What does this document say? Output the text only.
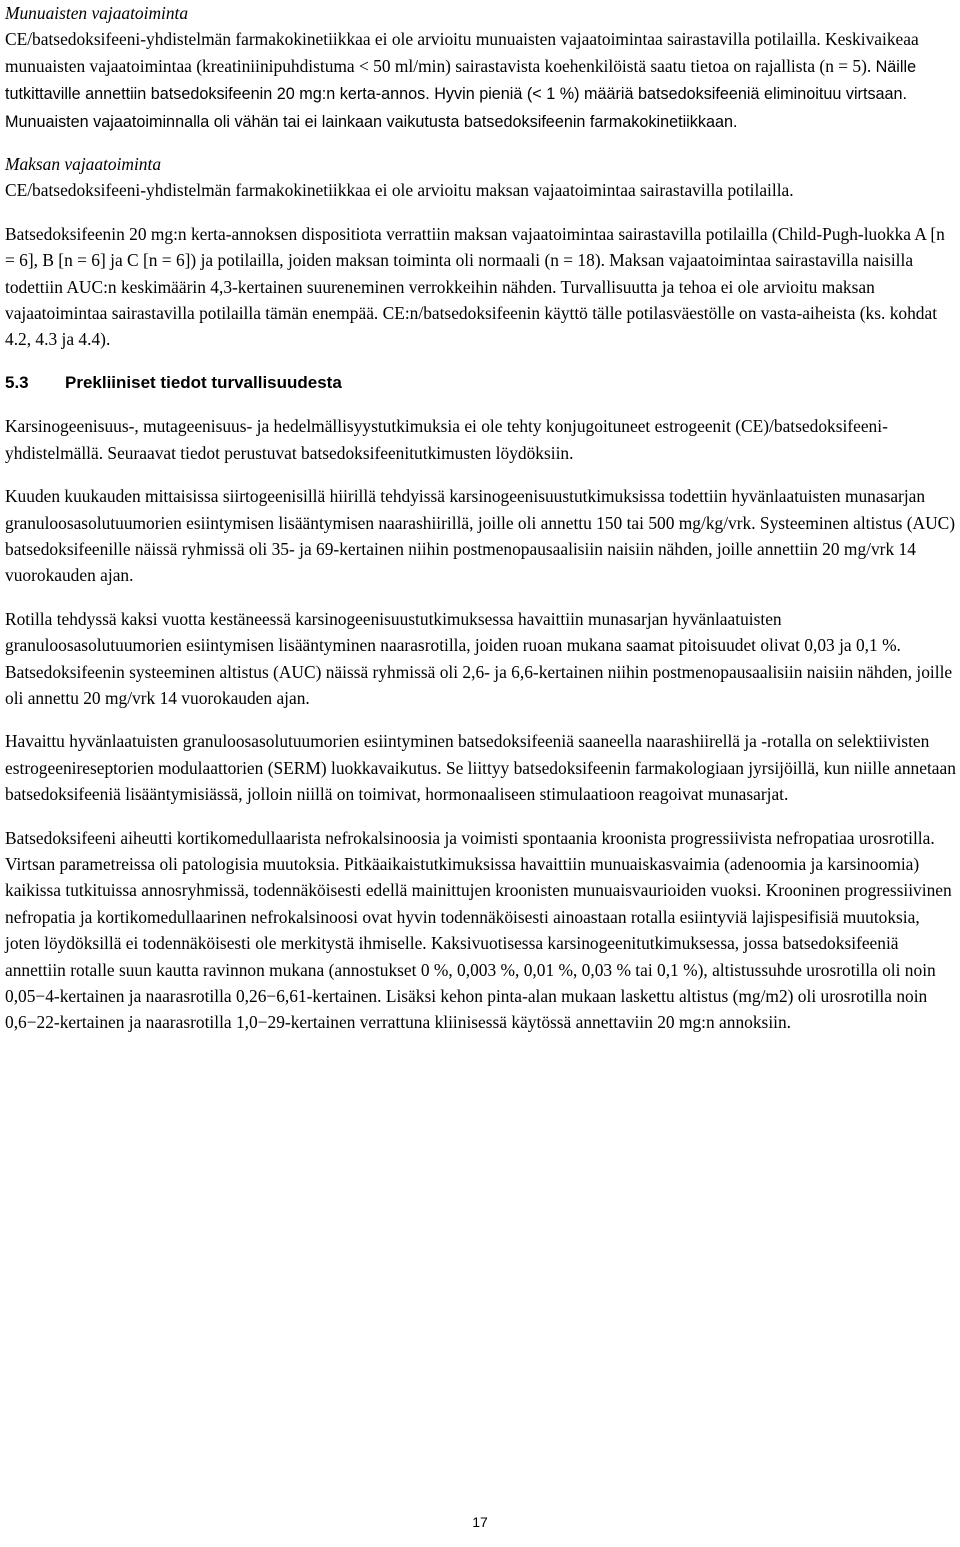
Munuaisten vajaatoiminta

CE/batsedoksifeeni-yhdistelmän farmakokinetiikkaa ei ole arvioitu munuaisten vajaatoimintaa sairastavilla potilailla. Keskivaikeaa munuaisten vajaatoimintaa (kreatiniinipuhdistuma < 50 ml/min) sairastavista koehenkilöistä saatu tietoa on rajallista (n = 5). Näille tutkittaville annettiin batsedoksifeenin 20 mg:n kerta-annos. Hyvin pieniä (< 1 %) määriä batsedoksifeeniä eliminoituu virtsaan. Munuaisten vajaatoiminnalla oli vähän tai ei lainkaan vaikutusta batsedoksifeenin farmakokinetiikkaan.

Maksan vajaatoiminta

CE/batsedoksifeeni-yhdistelmän farmakokinetiikkaa ei ole arvioitu maksan vajaatoimintaa sairastavilla potilailla.

Batsedoksifeenin 20 mg:n kerta-annoksen dispositiota verrattiin maksan vajaatoimintaa sairastavilla potilailla (Child-Pugh-luokka A [n = 6], B [n = 6] ja C [n = 6]) ja potilailla, joiden maksan toiminta oli normaali (n = 18). Maksan vajaatoimintaa sairastavilla naisilla todettiin AUC:n keskimäärin 4,3-kertainen suureneminen verrokkeihin nähden. Turvallisuutta ja tehoa ei ole arvioitu maksan vajaatoimintaa sairastavilla potilailla tämän enempää. CE:n/batsedoksifeenin käyttö tälle potilasväestölle on vasta-aiheista (ks. kohdat 4.2, 4.3 ja 4.4).

5.3 Prekliiniset tiedot turvallisuudesta

Karsinogeenisuus-, mutageenisuus- ja hedelmällisyystutkimuksia ei ole tehty konjugoituneet estrogeenit (CE)/batsedoksifeeni-yhdistelmällä. Seuraavat tiedot perustuvat batsedoksifeenitutkimusten löydöksiin.

Kuuden kuukauden mittaisissa siirtogeenisillä hiirillä tehdyissä karsinogeenisuustutkimuksissa todettiin hyvänlaatuisten munasarjan granuloosasolutuumorien esiintymisen lisääntymisen naarashiirillä, joille oli annettu 150 tai 500 mg/kg/vrk. Systeeminen altistus (AUC) batsedoksifeenille näissä ryhmissä oli 35- ja 69-kertainen niihin postmenopausaalisiin naisiin nähden, joille annettiin 20 mg/vrk 14 vuorokauden ajan.

Rotilla tehdyssä kaksi vuotta kestäneessä karsinogeenisuustutkimuksessa havaittiin munasarjan hyvänlaatuisten granuloosasolutuumorien esiintymisen lisääntyminen naarasrotilla, joiden ruoan mukana saamat pitoisuudet olivat 0,03 ja 0,1 %. Batsedoksifeenin systeeminen altistus (AUC) näissä ryhmissä oli 2,6- ja 6,6-kertainen niihin postmenopausaalisiin naisiin nähden, joille oli annettu 20 mg/vrk 14 vuorokauden ajan.

Havaittu hyvänlaatuisten granuloosasolutuumorien esiintyminen batsedoksifeeniä saaneella naarashiirellä ja -rotalla on selektiivisten estrogeenireseptorien modulaattorien (SERM) luokkavaikutus. Se liittyy batsedoksifeenin farmakologiaan jyrsijöillä, kun niille annetaan batsedoksifeeniä lisääntymisiässä, jolloin niillä on toimivat, hormonaaliseen stimulaatioon reagoivat munasarjat.

Batsedoksifeeni aiheutti kortikomedullaarista nefrokalsinoosia ja voimisti spontaania kroonista progressiivista nefropatiaa urosrotilla. Virtsan parametreissa oli patologisia muutoksia. Pitkäaikaistutkimuksissa havaittiin munuaiskasvaimia (adenoomia ja karsinoomia) kaikissa tutkituissa annosryhmissä, todennäköisesti edellä mainittujen kroonisten munuaisvaurioiden vuoksi. Krooninen progressiivinen nefropatia ja kortikomedullaarinen nefrokalsinoosi ovat hyvin todennäköisesti ainoastaan rotalla esiintyviä lajispesifisiä muutoksia, joten löydöksillä ei todennäköisesti ole merkitystä ihmiselle. Kaksivuotisessa karsinogeenitutkimuksessa, jossa batsedoksifeeniä annettiin rotalle suun kautta ravinnon mukana (annostukset 0 %, 0,003 %, 0,01 %, 0,03 % tai 0,1 %), altistussuhde urosrotilla oli noin 0,05−4-kertainen ja naarasrotilla 0,26−6,61-kertainen. Lisäksi kehon pinta-alan mukaan laskettu altistus (mg/m2) oli urosrotilla noin 0,6−22-kertainen ja naarasrotilla 1,0−29-kertainen verrattuna kliinisessä käytössä annettaviin 20 mg:n annoksiin.

17
